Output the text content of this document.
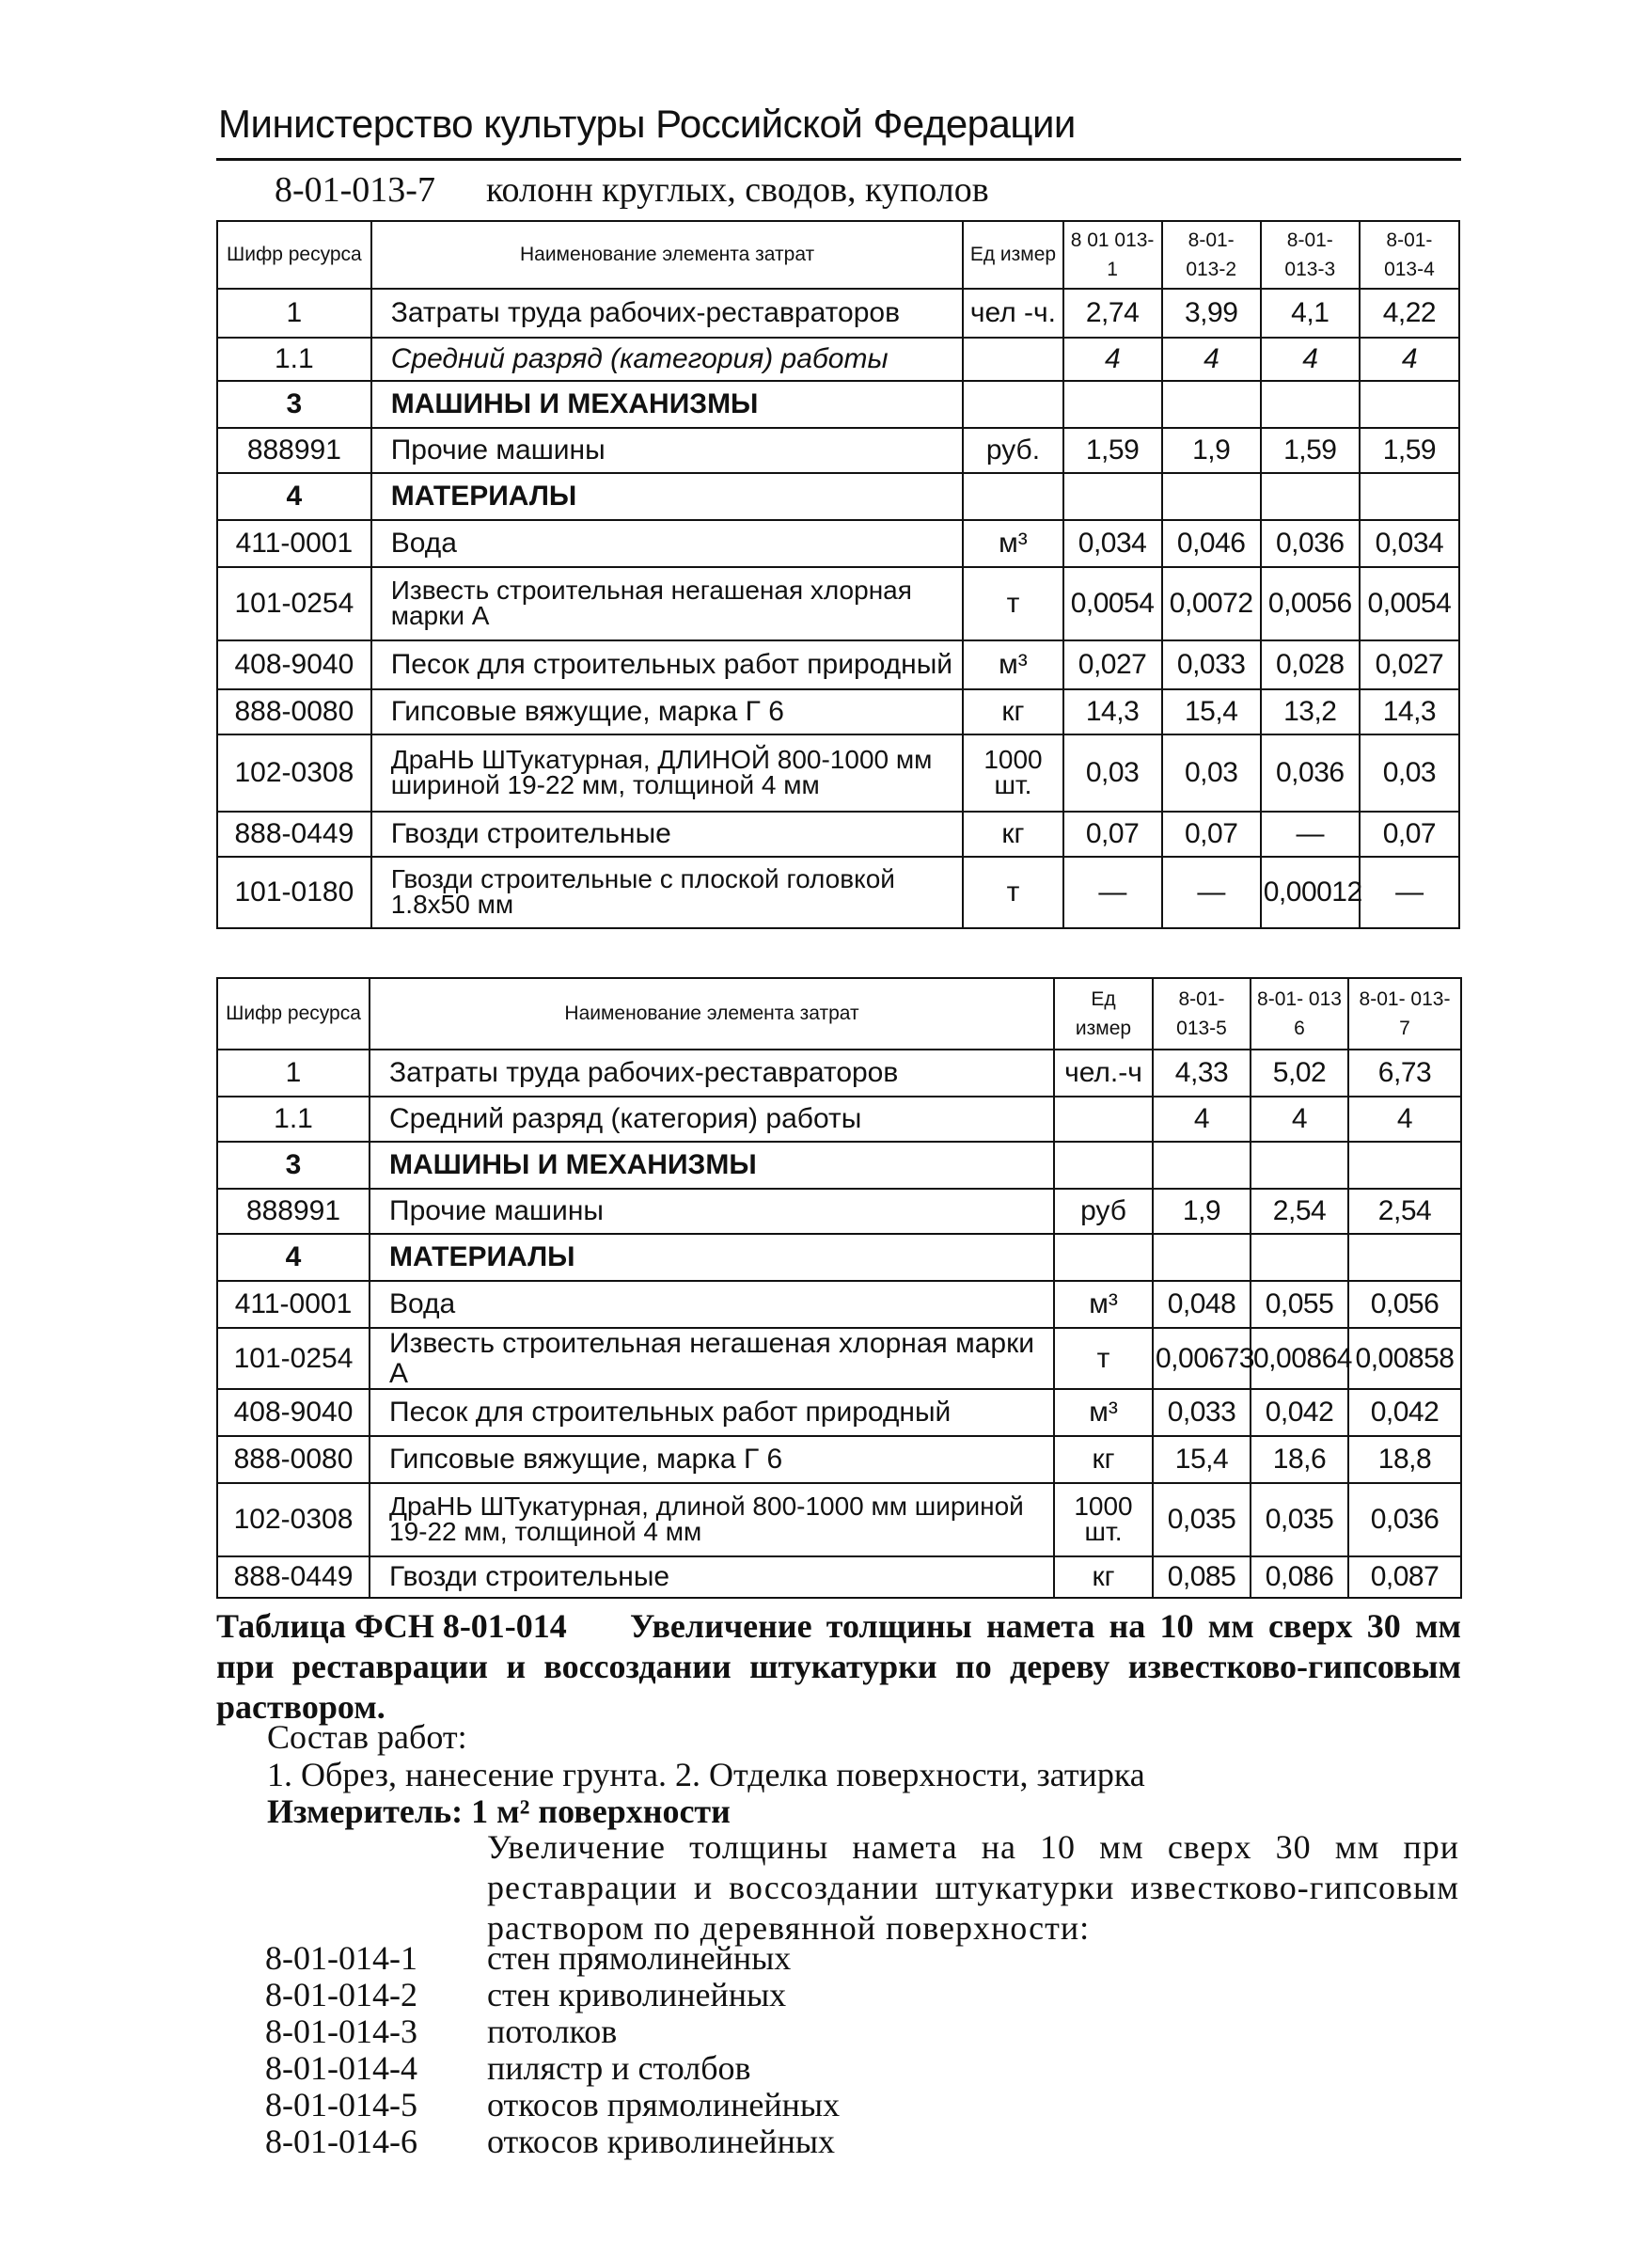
Министерство культуры Российской Федерации
8-01-013-7 колонн круглых, сводов, куполов
Шифр ресурса	Наименование элемента затрат	Ед измер	8 01 013-1	8-01- 013-2	8-01- 013-3	8-01- 013-4
1	Затраты труда рабочих-реставраторов	чел -ч.	2,74	3,99	4,1	4,22
1.1	Средний разряд (категория) работы		4	4	4	4
3	МАШИНЫ И МЕХАНИЗМЫ					
888991	Прочие машины	руб.	1,59	1,9	1,59	1,59
4	МАТЕРИАЛЫ					
411-0001	Вода	м³	0,034	0,046	0,036	0,034
101-0254	Известь строительная негашеная хлорная марки А	т	0,0054	0,0072	0,0056	0,0054
408-9040	Песок для строительных работ природный	м³	0,027	0,033	0,028	0,027
888-0080	Гипсовые вяжущие, марка Г 6	кг	14,3	15,4	13,2	14,3
102-0308	ДраНЬ ШТукатурная, ДЛИНОЙ 800-1000 мм шириной 19-22 мм, толщиной 4 мм	1000 шт.	0,03	0,03	0,036	0,03
888-0449	Гвозди строительные	кг	0,07	0,07	—	0,07
101-0180	Гвозди строительные с плоской головкой 1.8x50 мм	т	—	—	0,00012	—
Шифр ресурса	Наименование элемента затрат	Ед измер	8-01- 013-5	8-01- 013 6	8-01- 013-7
1	Затраты труда рабочих-реставраторов	чел.-ч	4,33	5,02	6,73
1.1	Средний разряд (категория) работы		4	4	4
3	МАШИНЫ И МЕХАНИЗМЫ				
888991	Прочие машины	руб	1,9	2,54	2,54
4	МАТЕРИАЛЫ				
411-0001	Вода	м³	0,048	0,055	0,056
101-0254	Известь строительная негашеная хлорная марки А	т	0,00673	0,00864	0,00858
408-9040	Песок для строительных работ природный	м³	0,033	0,042	0,042
888-0080	Гипсовые вяжущие, марка Г 6	кг	15,4	18,6	18,8
102-0308	ДраНЬ ШТукатурная, длиной 800-1000 мм шириной 19-22 мм, толщиной 4 мм	1000 шт.	0,035	0,035	0,036
888-0449	Гвозди строительные	кг	0,085	0,086	0,087
Таблица ФСН 8-01-014 Увеличение толщины намета на 10 мм сверх 30 мм при реставрации и воссоздании штукатурки по дереву известково-гипсовым раствором.
Состав работ:
1. Обрез, нанесение грунта. 2. Отделка поверхности, затирка
Измеритель: 1 м² поверхности
Увеличение толщины намета на 10 мм сверх 30 мм при реставрации и воссоздании штукатурки известково-гипсовым раствором по деревянной поверхности:
8-01-014-1 стен прямолинейных
8-01-014-2 стен криволинейных
8-01-014-3 потолков
8-01-014-4 пилястр и столбов
8-01-014-5 откосов прямолинейных
8-01-014-6 откосов криволинейных
